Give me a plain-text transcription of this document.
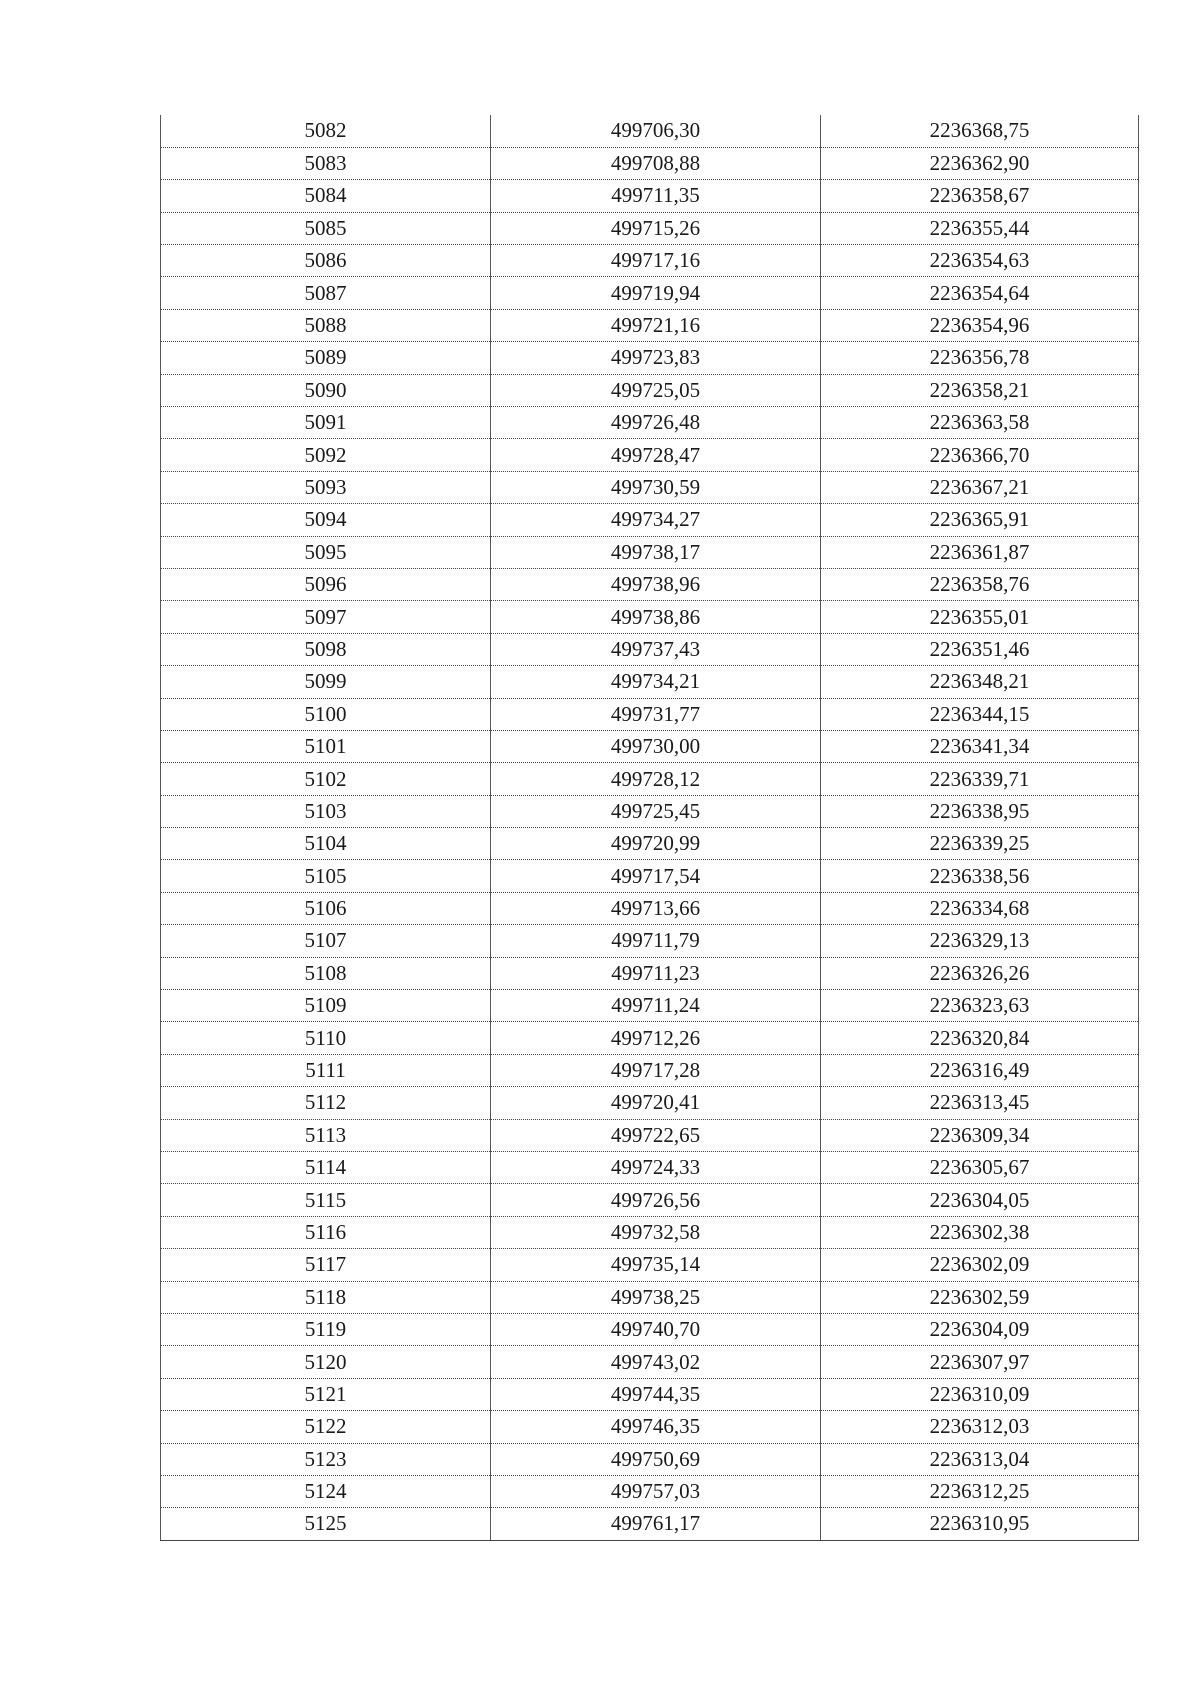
5082	499706,30	2236368,75
5083	499708,88	2236362,90
5084	499711,35	2236358,67
5085	499715,26	2236355,44
5086	499717,16	2236354,63
5087	499719,94	2236354,64
5088	499721,16	2236354,96
5089	499723,83	2236356,78
5090	499725,05	2236358,21
5091	499726,48	2236363,58
5092	499728,47	2236366,70
5093	499730,59	2236367,21
5094	499734,27	2236365,91
5095	499738,17	2236361,87
5096	499738,96	2236358,76
5097	499738,86	2236355,01
5098	499737,43	2236351,46
5099	499734,21	2236348,21
5100	499731,77	2236344,15
5101	499730,00	2236341,34
5102	499728,12	2236339,71
5103	499725,45	2236338,95
5104	499720,99	2236339,25
5105	499717,54	2236338,56
5106	499713,66	2236334,68
5107	499711,79	2236329,13
5108	499711,23	2236326,26
5109	499711,24	2236323,63
5110	499712,26	2236320,84
5111	499717,28	2236316,49
5112	499720,41	2236313,45
5113	499722,65	2236309,34
5114	499724,33	2236305,67
5115	499726,56	2236304,05
5116	499732,58	2236302,38
5117	499735,14	2236302,09
5118	499738,25	2236302,59
5119	499740,70	2236304,09
5120	499743,02	2236307,97
5121	499744,35	2236310,09
5122	499746,35	2236312,03
5123	499750,69	2236313,04
5124	499757,03	2236312,25
5125	499761,17	2236310,95
